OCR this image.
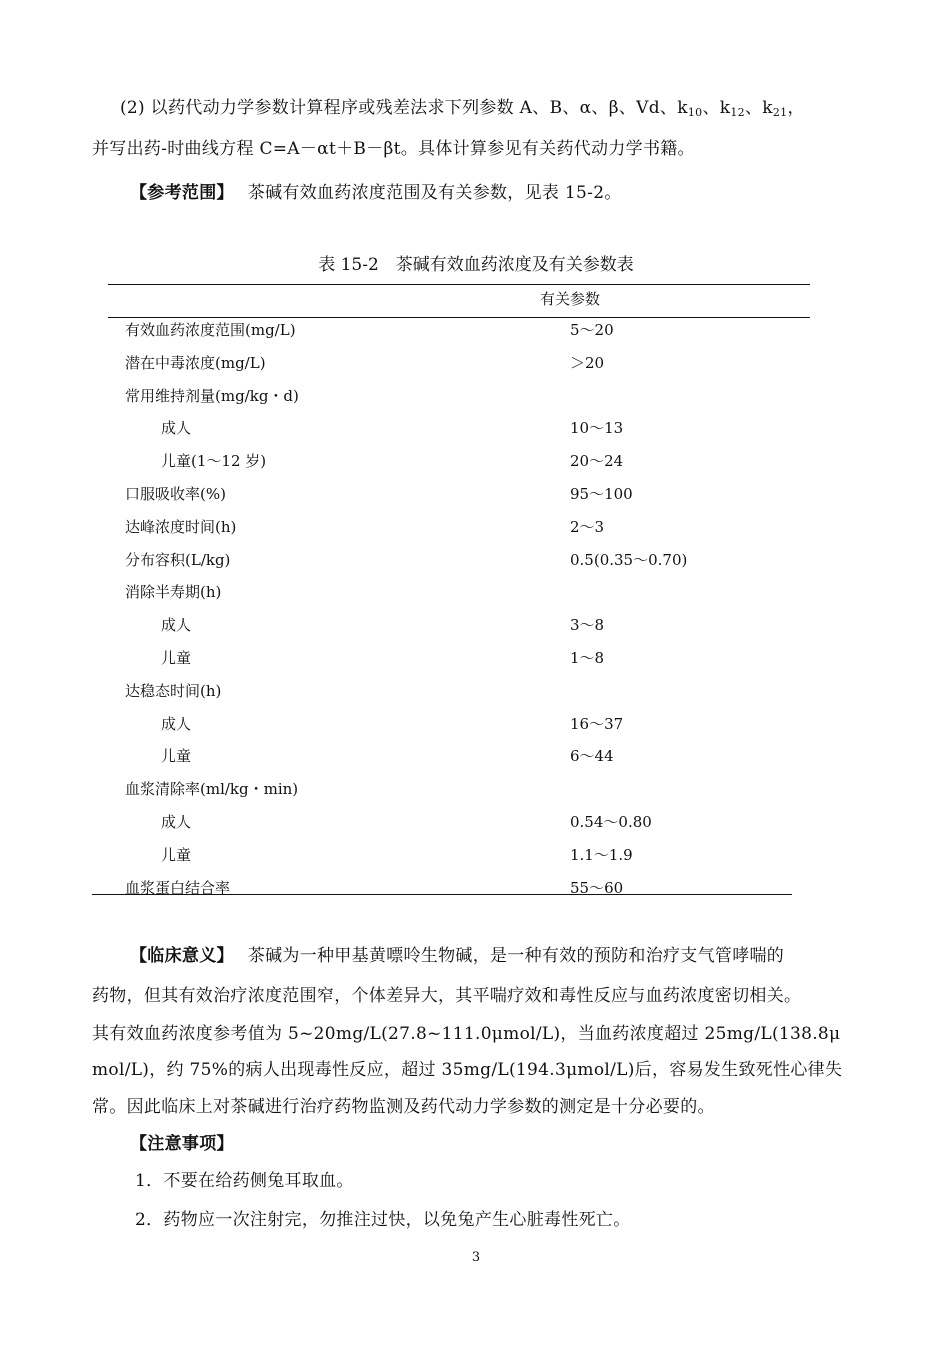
(2) 以药代动力学参数计算程序或残差法求下列参数 A、B、α、β、Vd、$k_{10}$、$k_{12}$、$k_{21}$，
并写出药-时曲线方程 C=A－αt＋B－βt。具体计算参见有关药代动力学书籍。
【参考范围】 茶碱有效血药浓度范围及有关参数，见表 15-2。
表 15-2　茶碱有效血药浓度及有关参数表
有关参数
有效血药浓度范围(mg/L)	5～20
潜在中毒浓度(mg/L)	＞20
常用维持剂量(mg/kg・d)
成人	10～13
儿童(1～12 岁)	20～24
口服吸收率(%)	95～100
达峰浓度时间(h)	2～3
分布容积(L/kg)	0.5(0.35～0.70)
消除半寿期(h)
成人	3～8
儿童	1～8
达稳态时间(h)
成人	16～37
儿童	6～44
血浆清除率(ml/kg・min)
成人	0.54～0.80
儿童	1.1～1.9
血浆蛋白结合率	55～60
【临床意义】 茶碱为一种甲基黄嘌呤生物碱，是一种有效的预防和治疗支气管哮喘的
药物，但其有效治疗浓度范围窄，个体差异大，其平喘疗效和毒性反应与血药浓度密切相关。
其有效血药浓度参考值为 5~20mg/L(27.8~111.0μmol/L)，当血药浓度超过 25mg/L(138.8μ
mol/L)，约 75%的病人出现毒性反应，超过 35mg/L(194.3μmol/L)后，容易发生致死性心律失
常。因此临床上对茶碱进行治疗药物监测及药代动力学参数的测定是十分必要的。
【注意事项】
1．不要在给药侧兔耳取血。
2．药物应一次注射完，勿推注过快，以免兔产生心脏毒性死亡。
3
